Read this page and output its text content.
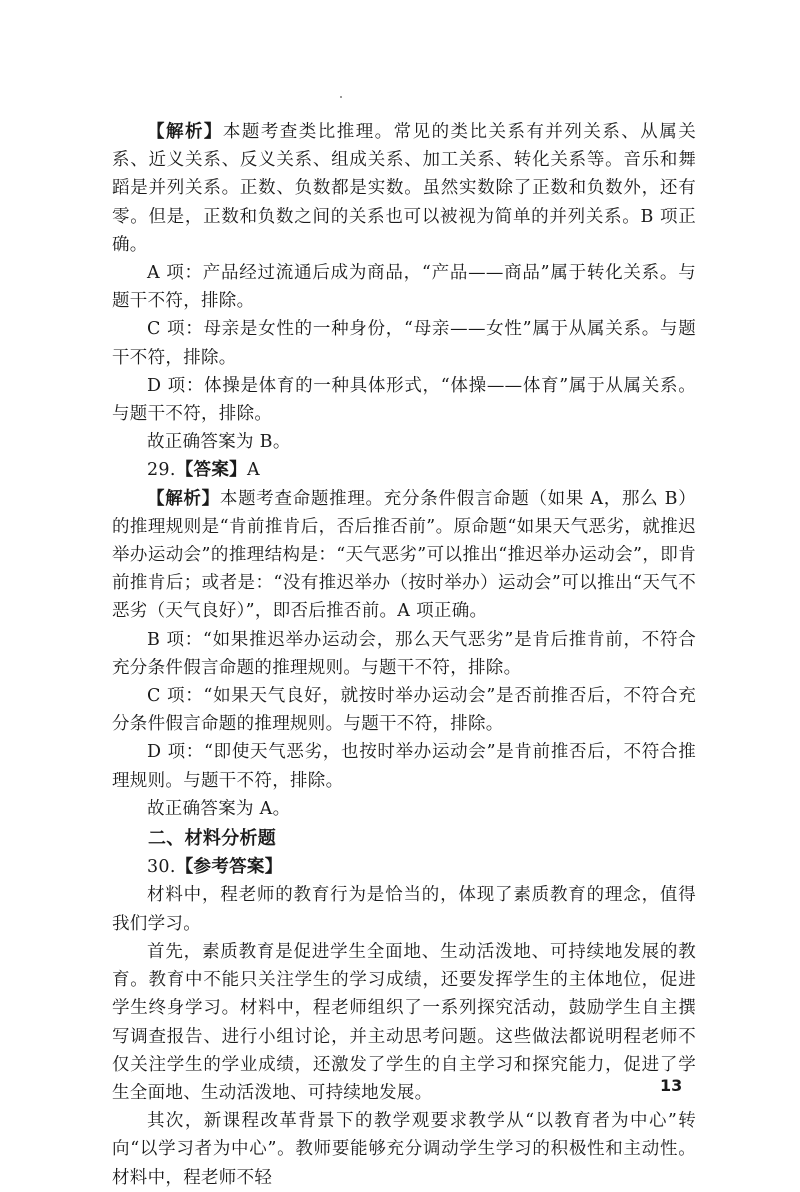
【解析】本题考查类比推理。常见的类比关系有并列关系、从属关系、近义关系、反义关系、组成关系、加工关系、转化关系等。音乐和舞蹈是并列关系。正数、负数都是实数。虽然实数除了正数和负数外，还有零。但是，正数和负数之间的关系也可以被视为简单的并列关系。B 项正确。

A 项：产品经过流通后成为商品，“产品——商品”属于转化关系。与题干不符，排除。

C 项：母亲是女性的一种身份，“母亲——女性”属于从属关系。与题干不符，排除。

D 项：体操是体育的一种具体形式，“体操——体育”属于从属关系。与题干不符，排除。

故正确答案为 B。

29.【答案】A

【解析】本题考查命题推理。充分条件假言命题（如果 A，那么 B）的推理规则是“肯前推肯后，否后推否前”。原命题“如果天气恶劣，就推迟举办运动会”的推理结构是：“天气恶劣”可以推出“推迟举办运动会”，即肯前推肯后；或者是：“没有推迟举办（按时举办）运动会”可以推出“天气不恶劣（天气良好）”，即否后推否前。A 项正确。

B 项：“如果推迟举办运动会，那么天气恶劣”是肯后推肯前，不符合充分条件假言命题的推理规则。与题干不符，排除。

C 项：“如果天气良好，就按时举办运动会”是否前推否后，不符合充分条件假言命题的推理规则。与题干不符，排除。

D 项：“即使天气恶劣，也按时举办运动会”是肯前推否后，不符合推理规则。与题干不符，排除。

故正确答案为 A。

二、材料分析题

30.【参考答案】

材料中，程老师的教育行为是恰当的，体现了素质教育的理念，值得我们学习。

首先，素质教育是促进学生全面地、生动活泼地、可持续地发展的教育。教育中不能只关注学生的学习成绩，还要发挥学生的主体地位，促进学生终身学习。材料中，程老师组织了一系列探究活动，鼓励学生自主撰写调查报告、进行小组讨论，并主动思考问题。这些做法都说明程老师不仅关注学生的学业成绩，还激发了学生的自主学习和探究能力，促进了学生全面地、生动活泼地、可持续地发展。

其次，新课程改革背景下的教学观要求教学从“以教育者为中心”转向“以学习者为中心”。教师要能够充分调动学生学习的积极性和主动性。材料中，程老师不轻

13
